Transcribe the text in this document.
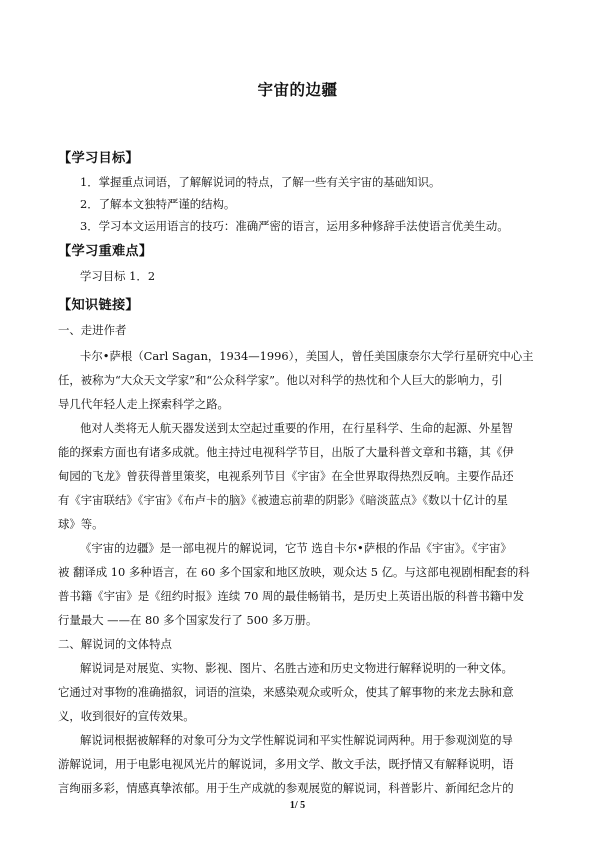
宇宙的边疆
【学习目标】
1．掌握重点词语，了解解说词的特点，了解一些有关宇宙的基础知识。
2．了解本文独特严谨的结构。
3．学习本文运用语言的技巧：准确严密的语言，运用多种修辞手法使语言优美生动。
【学习重难点】
学习目标 1．2
【知识链接】
一、走进作者
卡尔•萨根（Carl Sagan，1934—1996），美国人，曾任美国康奈尔大学行星研究中心主
任，被称为“大众天文学家”和“公众科学家”。他以对科学的热忱和个人巨大的影响力，引
导几代年轻人走上探索科学之路。
他对人类将无人航天器发送到太空起过重要的作用，在行星科学、生命的起源、外星智
能的探索方面也有诸多成就。他主持过电视科学节目，出版了大量科普文章和书籍，其《伊
甸园的飞龙》曾获得普里策奖，电视系列节目《宇宙》在全世界取得热烈反响。主要作品还
有《宇宙联结》《宇宙》《布卢卡的脑》《被遗忘前辈的阴影》《暗淡蓝点》《数以十亿计的星
球》等。
《宇宙的边疆》是一部电视片的解说词，它节 选自卡尔•萨根的作品《宇宙》。《宇宙》
被 翻译成 10 多种语言，在 60 多个国家和地区放映，观众达 5 亿。与这部电视剧相配套的科
普书籍《宇宙》是《纽约时报》连续 70 周的最佳畅销书，是历史上英语出版的科普书籍中发
行量最大 ——在 80 多个国家发行了 500 多万册。
二、解说词的文体特点
解说词是对展览、实物、影视、图片、名胜古迹和历史文物进行解释说明的一种文体。
它通过对事物的准确描叙，词语的渲染，来感染观众或听众，使其了解事物的来龙去脉和意
义，收到很好的宣传效果。
解说词根据被解释的对象可分为文学性解说词和平实性解说词两种。用于参观浏览的导
游解说词，用于电影电视风光片的解说词，多用文学、散文手法，既抒情又有解释说明，语
言绚丽多彩，情感真挚浓郁。用于生产成就的参观展览的解说词，科普影片、新闻纪念片的
1/ 5
